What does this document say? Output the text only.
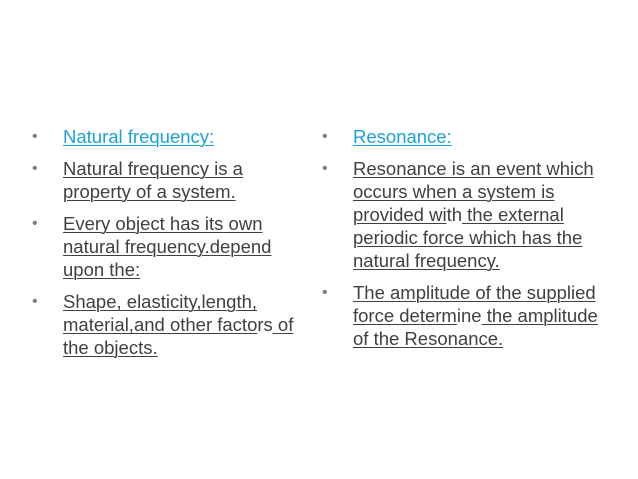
• Natural frequency:
• Natural frequency is a property of a system.
• Every object has its own natural frequency.depend upon the:
• Shape, elasticity,length, material,and other factors of the objects.
• Resonance:
• Resonance is an event which occurs when a system is provided with the external periodic force which has the natural frequency.
• The amplitude of the supplied force determine the amplitude of the Resonance.
